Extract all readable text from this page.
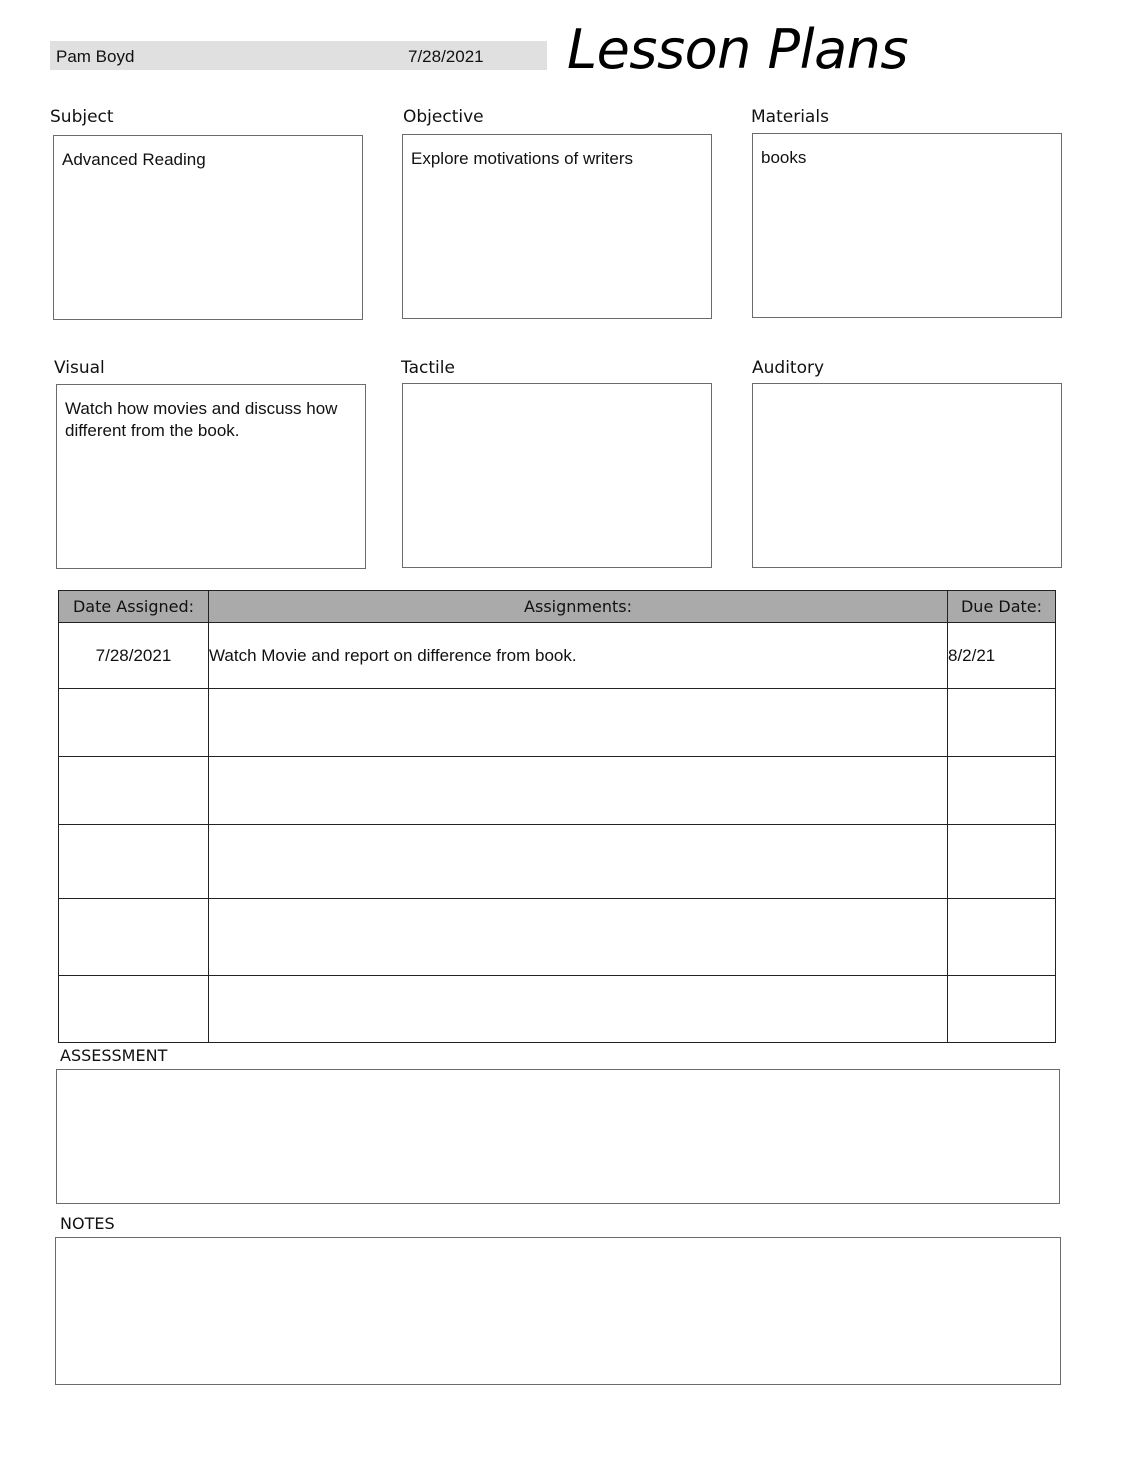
Pam Boyd	7/28/2021 Lesson Plans
Subject
Advanced Reading
Objective
Explore motivations of writers
Materials
books
Visual
Watch how movies and discuss how different from the book.
Tactile	Auditory
Date Assigned:	Assignments:	Due Date:
7/28/2021	Watch Movie and report on difference from book.	8/2/21

ASSESSMENT
NOTES
